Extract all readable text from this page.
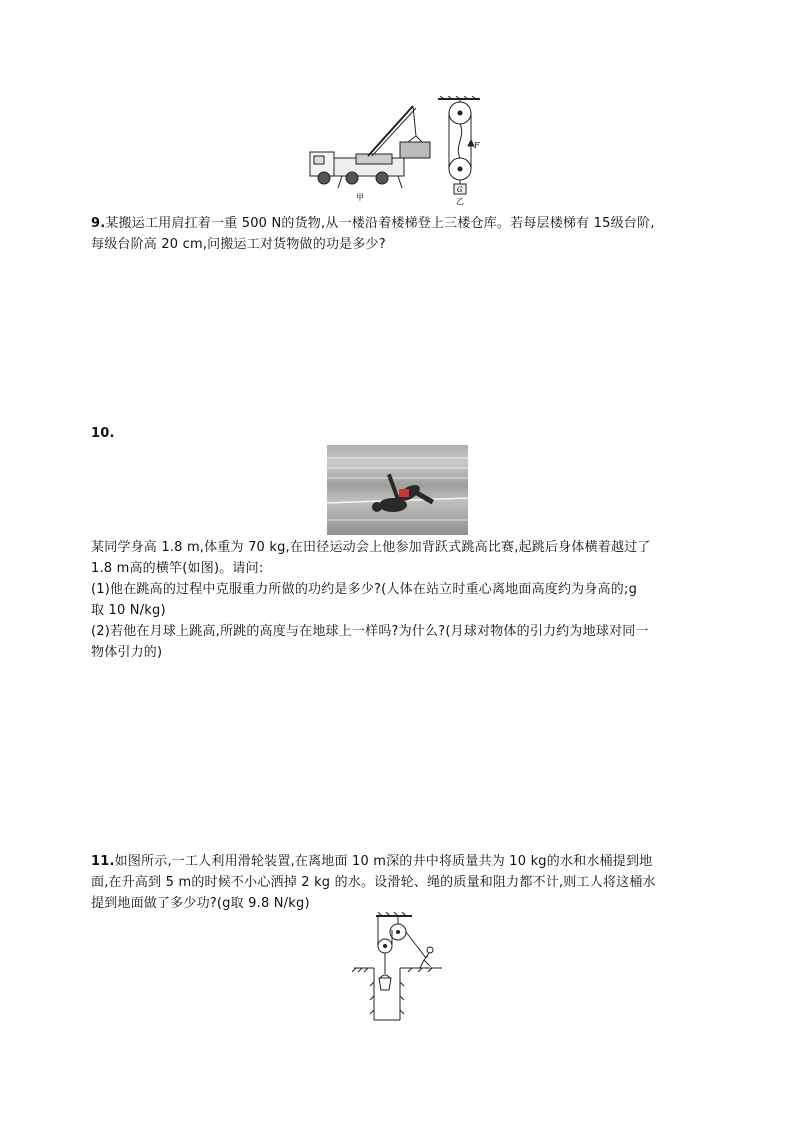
甲
F
G
乙
9.某搬运工用肩扛着一重 500 N的货物,从一楼沿着楼梯登上三楼仓库。若每层楼梯有 15级台阶,
每级台阶高 20 cm,问搬运工对货物做的功是多少?
10.
某同学身高 1.8 m,体重为 70 kg,在田径运动会上他参加背跃式跳高比赛,起跳后身体横着越过了
1.8 m高的横竿(如图)。请问:
(1)他在跳高的过程中克服重力所做的功约是多少?(人体在站立时重心离地面高度约为身高的;g
取 10 N/kg)
(2)若他在月球上跳高,所跳的高度与在地球上一样吗?为什么?(月球对物体的引力约为地球对同一
物体引力的)
11.如图所示,一工人利用滑轮装置,在离地面 10 m深的井中将质量共为 10 kg的水和水桶提到地
面,在升高到 5 m的时候不小心洒掉 2 kg 的水。设滑轮、绳的质量和阻力都不计,则工人将这桶水
提到地面做了多少功?(g取 9.8 N/kg)
